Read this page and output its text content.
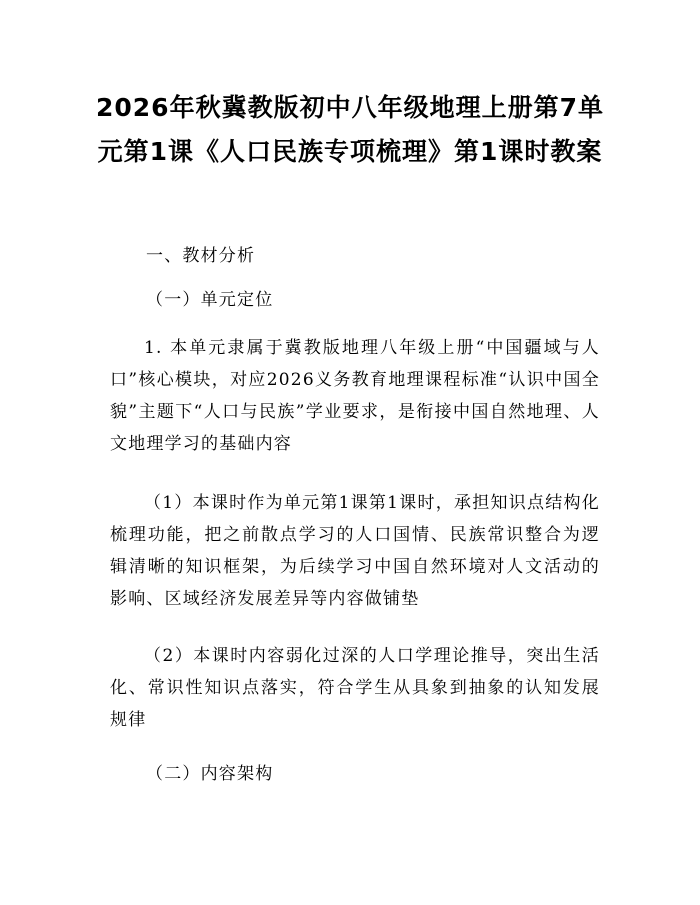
2026年秋冀教版初中八年级地理上册第7单元第1课《人口民族专项梳理》第1课时教案

一、教材分析

（一）单元定位

1. 本单元隶属于冀教版地理八年级上册“中国疆域与人口”核心模块，对应2026义务教育地理课程标准“认识中国全貌”主题下“人口与民族”学业要求，是衔接中国自然地理、人文地理学习的基础内容

（1）本课时作为单元第1课第1课时，承担知识点结构化梳理功能，把之前散点学习的人口国情、民族常识整合为逻辑清晰的知识框架，为后续学习中国自然环境对人文活动的影响、区域经济发展差异等内容做铺垫

（2）本课时内容弱化过深的人口学理论推导，突出生活化、常识性知识点落实，符合学生从具象到抽象的认知发展规律

（二）内容架构
